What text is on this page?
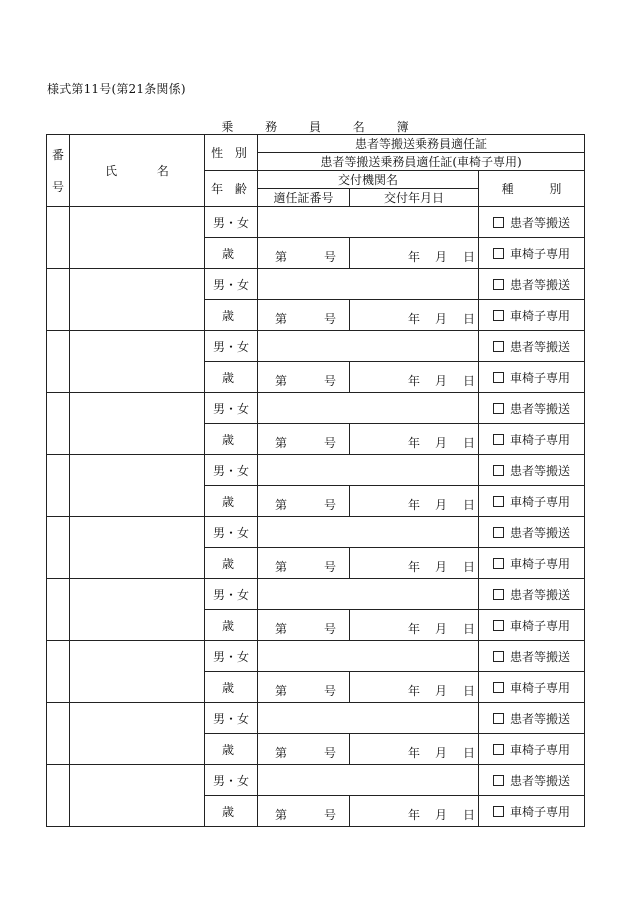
様式第11号(第21条関係)
乗 務 員 名 簿
番
号	氏 名	性 別	患者等搬送乗務員適任証		
			患者等搬送乗務員適任証(車椅子専用)		
		年 齢	交付機関名		種 別
			適任証番号	交付年月日	
		男・女			患者等搬送
		歳	第 号	年 月 日	車椅子専用
		男・女			患者等搬送
		歳	第 号	年 月 日	車椅子専用
		男・女			患者等搬送
		歳	第 号	年 月 日	車椅子専用
		男・女			患者等搬送
		歳	第 号	年 月 日	車椅子専用
		男・女			患者等搬送
		歳	第 号	年 月 日	車椅子専用
		男・女			患者等搬送
		歳	第 号	年 月 日	車椅子専用
		男・女			患者等搬送
		歳	第 号	年 月 日	車椅子専用
		男・女			患者等搬送
		歳	第 号	年 月 日	車椅子専用
		男・女			患者等搬送
		歳	第 号	年 月 日	車椅子専用
		男・女			患者等搬送
		歳	第 号	年 月 日	車椅子専用
